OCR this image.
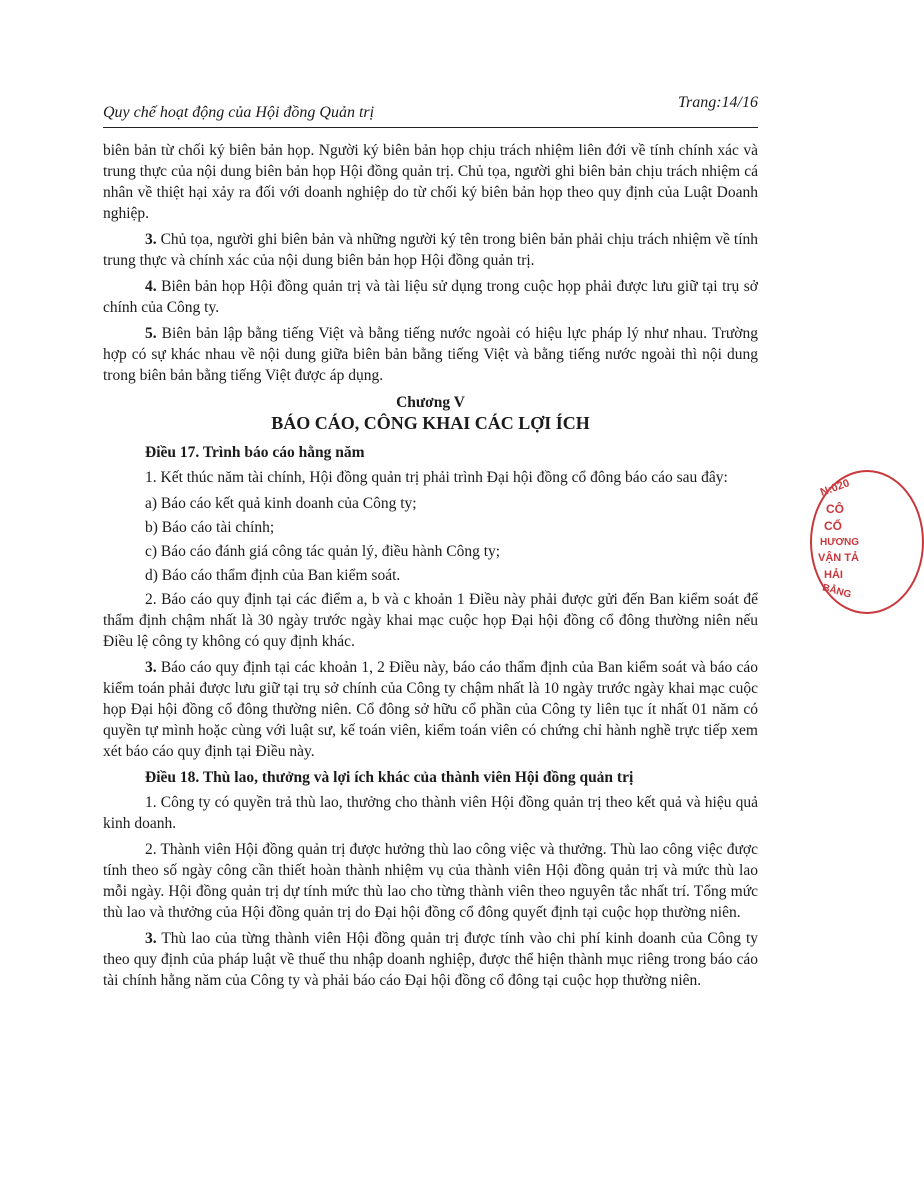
Quy chế hoạt động của Hội đồng Quản trị
Trang:14/16

biên bản từ chối ký biên bản họp. Người ký biên bản họp chịu trách nhiệm liên đới về tính chính xác và trung thực của nội dung biên bản họp Hội đồng quản trị. Chủ tọa, người ghi biên bản chịu trách nhiệm cá nhân về thiệt hại xảy ra đối với doanh nghiệp do từ chối ký biên bản họp theo quy định của Luật Doanh nghiệp.

3. Chủ tọa, người ghi biên bản và những người ký tên trong biên bản phải chịu trách nhiệm về tính trung thực và chính xác của nội dung biên bản họp Hội đồng quản trị.

4. Biên bản họp Hội đồng quản trị và tài liệu sử dụng trong cuộc họp phải được lưu giữ tại trụ sở chính của Công ty.

5. Biên bản lập bằng tiếng Việt và bằng tiếng nước ngoài có hiệu lực pháp lý như nhau. Trường hợp có sự khác nhau về nội dung giữa biên bản bằng tiếng Việt và bằng tiếng nước ngoài thì nội dung trong biên bản bằng tiếng Việt được áp dụng.

Chương V
BÁO CÁO, CÔNG KHAI CÁC LỢI ÍCH
Điều 17. Trình báo cáo hằng năm

1. Kết thúc năm tài chính, Hội đồng quản trị phải trình Đại hội đồng cổ đông báo cáo sau đây:

a) Báo cáo kết quả kinh doanh của Công ty;

b) Báo cáo tài chính;

c) Báo cáo đánh giá công tác quản lý, điều hành Công ty;

d) Báo cáo thẩm định của Ban kiểm soát.

2. Báo cáo quy định tại các điểm a, b và c khoản 1 Điều này phải được gửi đến Ban kiểm soát để thẩm định chậm nhất là 30 ngày trước ngày khai mạc cuộc họp Đại hội đồng cổ đông thường niên nếu Điều lệ công ty không có quy định khác.

3. Báo cáo quy định tại các khoản 1, 2 Điều này, báo cáo thẩm định của Ban kiểm soát và báo cáo kiểm toán phải được lưu giữ tại trụ sở chính của Công ty chậm nhất là 10 ngày trước ngày khai mạc cuộc họp Đại hội đồng cổ đông thường niên. Cổ đông sở hữu cổ phần của Công ty liên tục ít nhất 01 năm có quyền tự mình hoặc cùng với luật sư, kế toán viên, kiểm toán viên có chứng chỉ hành nghề trực tiếp xem xét báo cáo quy định tại Điều này.

Điều 18. Thù lao, thưởng và lợi ích khác của thành viên Hội đồng quản trị

1. Công ty có quyền trả thù lao, thưởng cho thành viên Hội đồng quản trị theo kết quả và hiệu quả kinh doanh.

2. Thành viên Hội đồng quản trị được hưởng thù lao công việc và thưởng. Thù lao công việc được tính theo số ngày công cần thiết hoàn thành nhiệm vụ của thành viên Hội đồng quản trị và mức thù lao mỗi ngày. Hội đồng quản trị dự tính mức thù lao cho từng thành viên theo nguyên tắc nhất trí. Tổng mức thù lao và thưởng của Hội đồng quản trị do Đại hội đồng cổ đông quyết định tại cuộc họp thường niên.

3. Thù lao của từng thành viên Hội đồng quản trị được tính vào chi phí kinh doanh của Công ty theo quy định của pháp luật về thuế thu nhập doanh nghiệp, được thể hiện thành mục riêng trong báo cáo tài chính hằng năm của Công ty và phải báo cáo Đại hội đồng cổ đông tại cuộc họp thường niên.

N:020
CÔ
CỔ
HƯƠNG
VẬN TẢ
HẢI
BẰNG
